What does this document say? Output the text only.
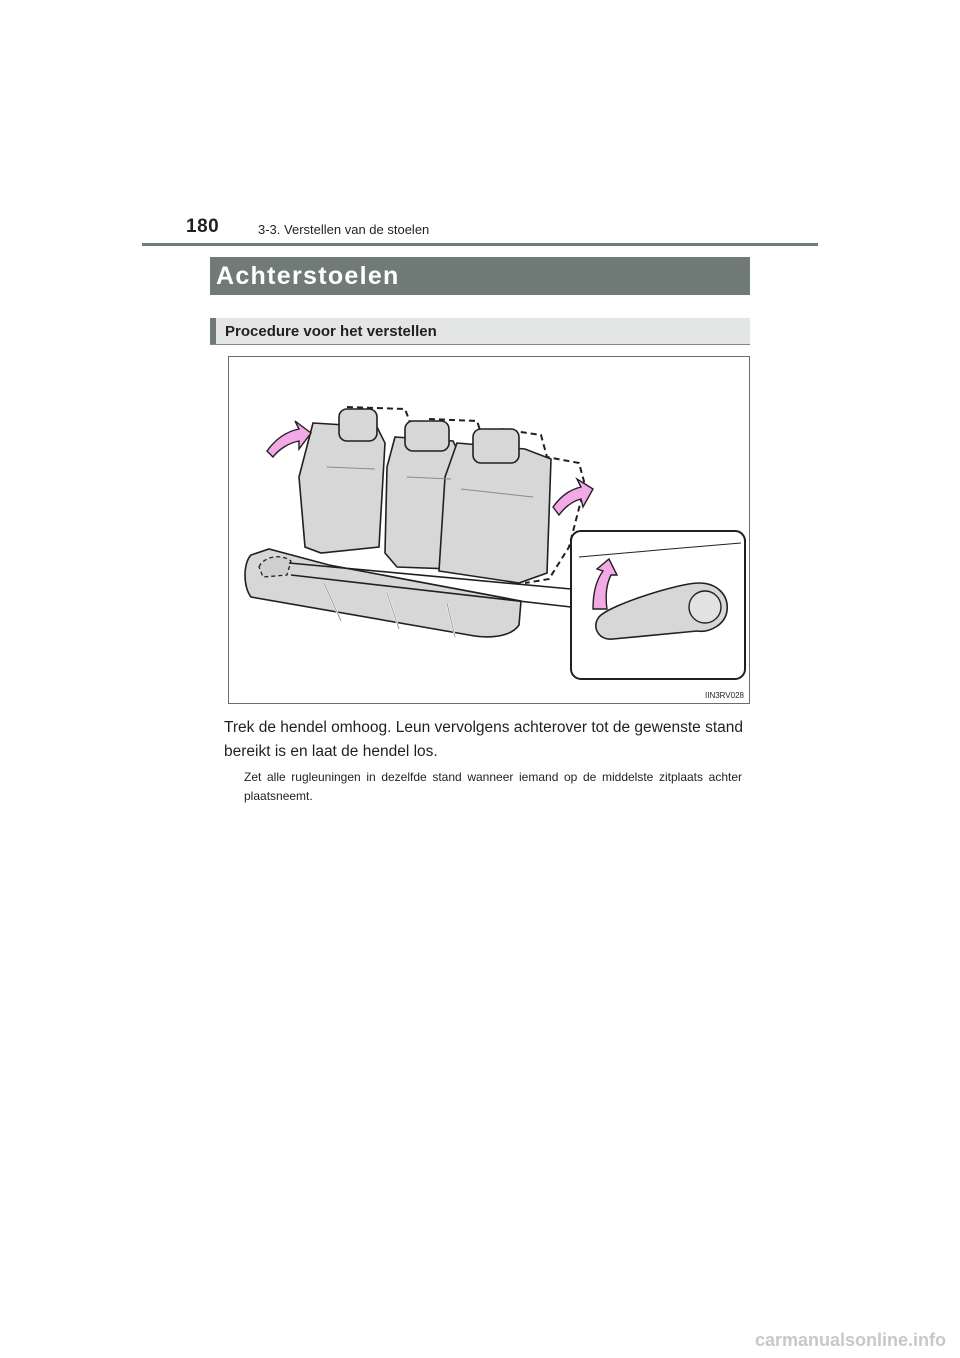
180	3-3. Verstellen van de stoelen
Achterstoelen
Procedure voor het verstellen
IIN3RV028

Trek de hendel omhoog. Leun vervolgens achterover tot de gewenste stand bereikt is en laat de hendel los.

Zet alle rugleuningen in dezelfde stand wanneer iemand op de middelste zitplaats achter plaatsneemt.

carmanualsonline.info
